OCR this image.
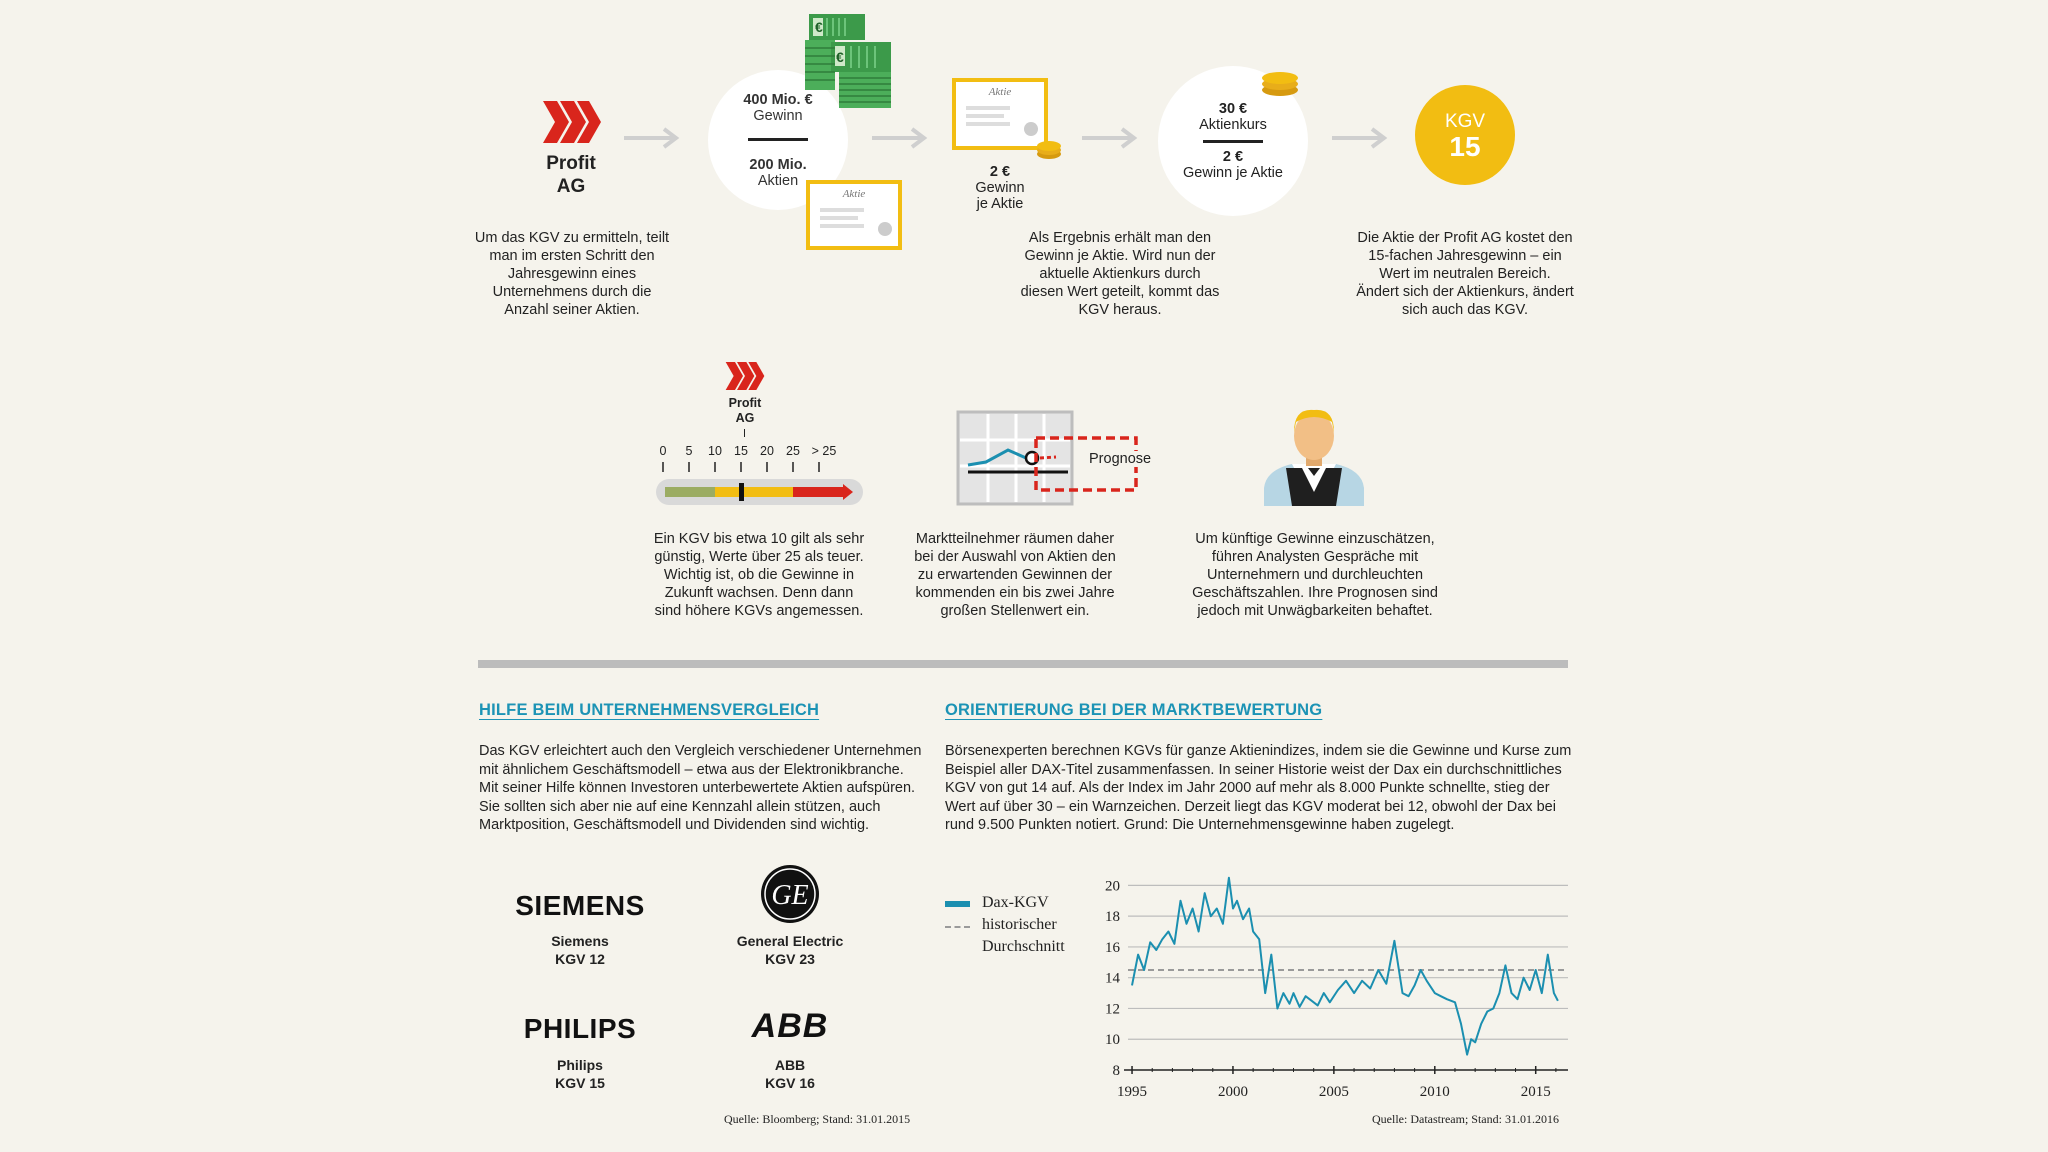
Profit
AG
Um das KGV zu ermitteln, teilt man im ersten Schritt den Jahresgewinn eines Unternehmens durch die Anzahl seiner Aktien.
400 Mio. €
Gewinn
200 Mio.
Aktien
€
€
Aktie
Aktie
2 €
Gewinn
je Aktie
Als Ergebnis erhält man den Gewinn je Aktie. Wird nun der aktuelle Aktienkurs durch diesen Wert geteilt, kommt das KGV heraus.
30 €
Aktienkurs
2 €
Gewinn je Aktie
KGV
15
Die Aktie der Profit AG kostet den 15-fachen Jahresgewinn – ein Wert im neutralen Bereich. Ändert sich der Aktienkurs, ändert sich auch das KGV.
Profit
AG
0	5	10 15 20 25 > 25
Ein KGV bis etwa 10 gilt als sehr günstig, Werte über 25 als teuer. Wichtig ist, ob die Gewinne in Zukunft wachsen. Denn dann sind höhere KGVs angemessen.
Prognose
Marktteilnehmer räumen daher bei der Auswahl von Aktien den zu erwartenden Gewinnen der kommenden ein bis zwei Jahre großen Stellenwert ein.
Um künftige Gewinne einzuschätzen, führen Analysten Gespräche mit Unternehmern und durchleuchten Geschäftszahlen. Ihre Prognosen sind jedoch mit Unwägbarkeiten behaftet.
HILFE BEIM UNTERNEHMENSVERGLEICH
Das KGV erleichtert auch den Vergleich verschiedener Unternehmen mit ähnlichem Geschäftsmodell – etwa aus der Elektronikbranche. Mit seiner Hilfe können Investoren unterbewertete Aktien aufspüren. Sie sollten sich aber nie auf eine Kennzahl allein stützen, auch Marktposition, Geschäftsmodell und Dividenden sind wichtig.
SIEMENS
Siemens
KGV 12
GE
General Electric
KGV 23
PHILIPS
Philips
KGV 15
ABB
ABB
KGV 16
Quelle: Bloomberg; Stand: 31.01.2015
ORIENTIERUNG BEI DER MARKTBEWERTUNG
Börsenexperten berechnen KGVs für ganze Aktienindizes, indem sie die Gewinne und Kurse zum Beispiel aller DAX-Titel zusammenfassen. In seiner Historie weist der Dax ein durchschnittliches KGV von gut 14 auf. Als der Index im Jahr 2000 auf mehr als 8.000 Punkte schnellte, stieg der Wert auf über 30 – ein Warnzeichen. Derzeit liegt das KGV moderat bei 12, obwohl der Dax bei rund 9.500 Punkten notiert. Grund: Die Unternehmensgewinne haben zugelegt.
Dax-KGV
historischer Durchschnitt
8
10
12
14
16
18
20
1995	2000	2005	2010	2015
Quelle: Datastream; Stand: 31.01.2016
